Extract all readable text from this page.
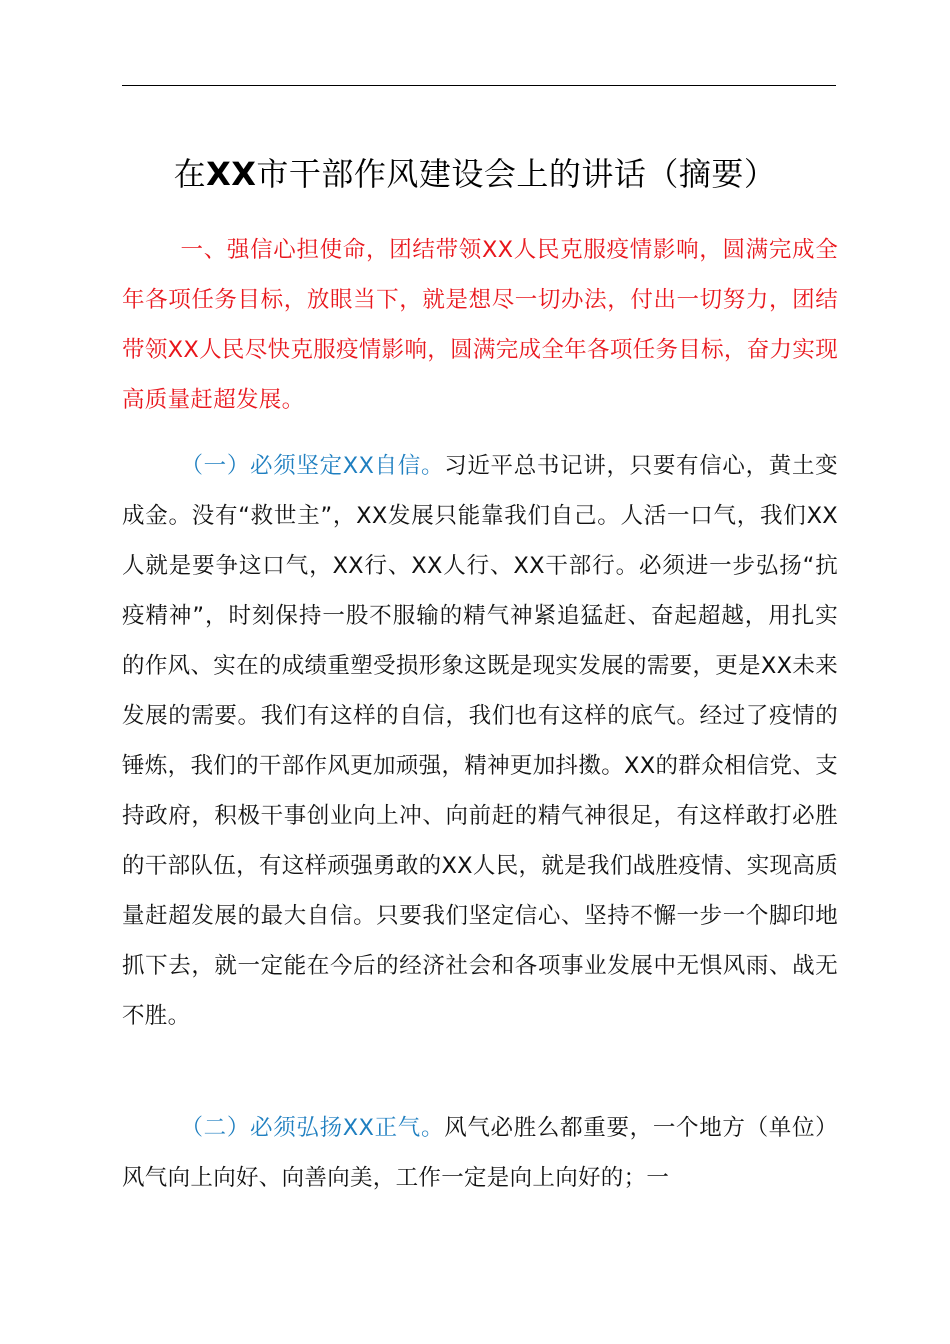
在XX市干部作风建设会上的讲话（摘要）

一、强信心担使命，团结带领XX人民克服疫情影响，圆满完成全年各项任务目标，放眼当下，就是想尽一切办法，付出一切努力，团结带领XX人民尽快克服疫情影响，圆满完成全年各项任务目标，奋力实现高质量赶超发展。

（一）必须坚定XX自信。习近平总书记讲，只要有信心，黄土变成金。没有“救世主”，XX发展只能靠我们自己。人活一口气，我们XX人就是要争这口气，XX行、XX人行、XX干部行。必须进一步弘扬“抗疫精神”，时刻保持一股不服输的精气神紧追猛赶、奋起超越，用扎实的作风、实在的成绩重塑受损形象这既是现实发展的需要，更是XX未来发展的需要。我们有这样的自信，我们也有这样的底气。经过了疫情的锤炼，我们的干部作风更加顽强，精神更加抖擞。XX的群众相信党、支持政府，积极干事创业向上冲、向前赶的精气神很足，有这样敢打必胜的干部队伍，有这样顽强勇敢的XX人民，就是我们战胜疫情、实现高质量赶超发展的最大自信。只要我们坚定信心、坚持不懈一步一个脚印地抓下去，就一定能在今后的经济社会和各项事业发展中无惧风雨、战无不胜。

（二）必须弘扬XX正气。风气必胜么都重要，一个地方（单位）风气向上向好、向善向美，工作一定是向上向好的；一
